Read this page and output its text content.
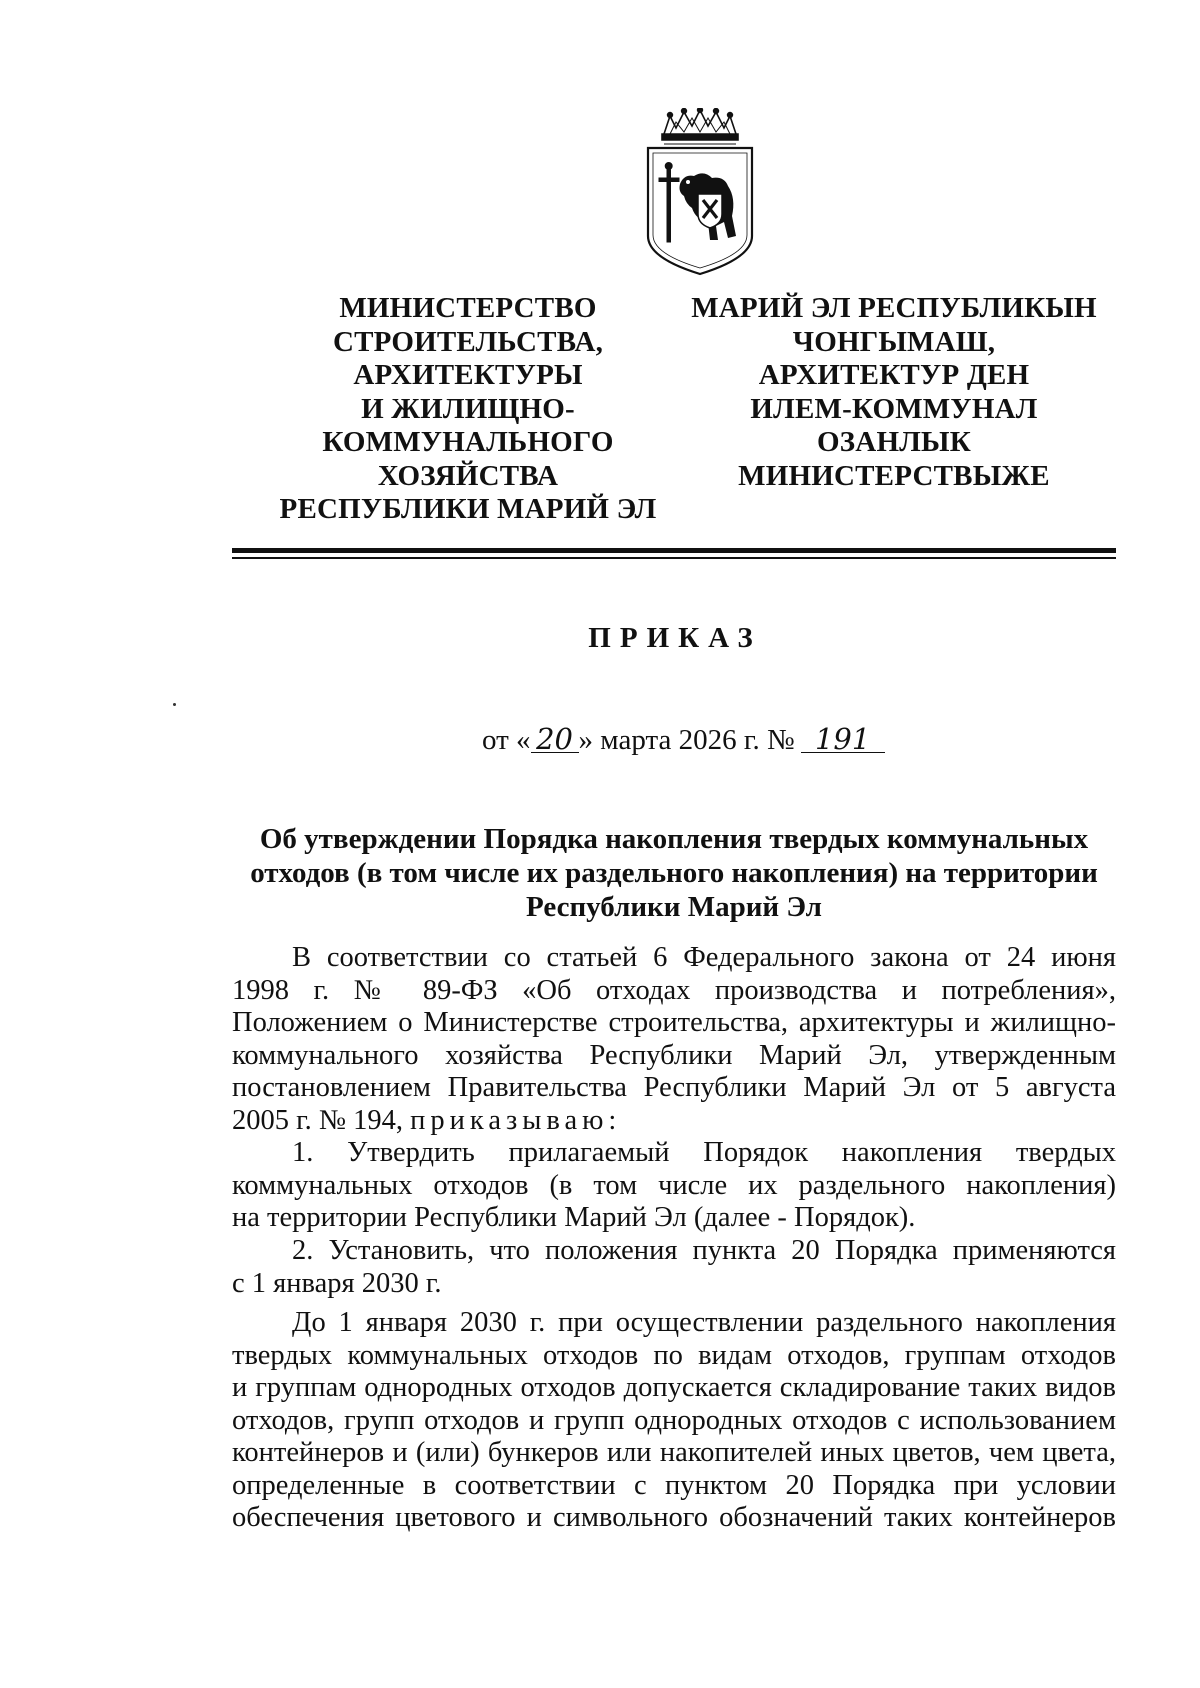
МИНИСТЕРСТВО
СТРОИТЕЛЬСТВА,
АРХИТЕКТУРЫ
И ЖИЛИЩНО-
КОММУНАЛЬНОГО
ХОЗЯЙСТВА
РЕСПУБЛИКИ МАРИЙ ЭЛ
МАРИЙ ЭЛ РЕСПУБЛИКЫН
ЧОНГЫМАШ,
АРХИТЕКТУР ДЕН
ИЛЕМ-КОММУНАЛ
ОЗАНЛЫК
МИНИСТЕРСТВЫЖЕ
ПРИКАЗ
от « 20 » марта 2026 г. № 191
Об утверждении Порядка накопления твердых коммунальных
отходов (в том числе их раздельного накопления) на территории
Республики Марий Эл
В соответствии со статьей 6 Федерального закона от 24 июня
1998 г. № 89-ФЗ «Об отходах производства и потребления»,
Положением о Министерстве строительства, архитектуры и жилищно-
коммунального хозяйства Республики Марий Эл, утвержденным
постановлением Правительства Республики Марий Эл от 5 августа
2005 г. № 194, приказываю:
1. Утвердить прилагаемый Порядок накопления твердых
коммунальных отходов (в том числе их раздельного накопления)
на территории Республики Марий Эл (далее - Порядок).
2. Установить, что положения пункта 20 Порядка применяются
с 1 января 2030 г.
До 1 января 2030 г. при осуществлении раздельного накопления
твердых коммунальных отходов по видам отходов, группам отходов
и группам однородных отходов допускается складирование таких видов
отходов, групп отходов и групп однородных отходов с использованием
контейнеров и (или) бункеров или накопителей иных цветов, чем цвета,
определенные в соответствии с пунктом 20 Порядка при условии
обеспечения цветового и символьного обозначений таких контейнеров
